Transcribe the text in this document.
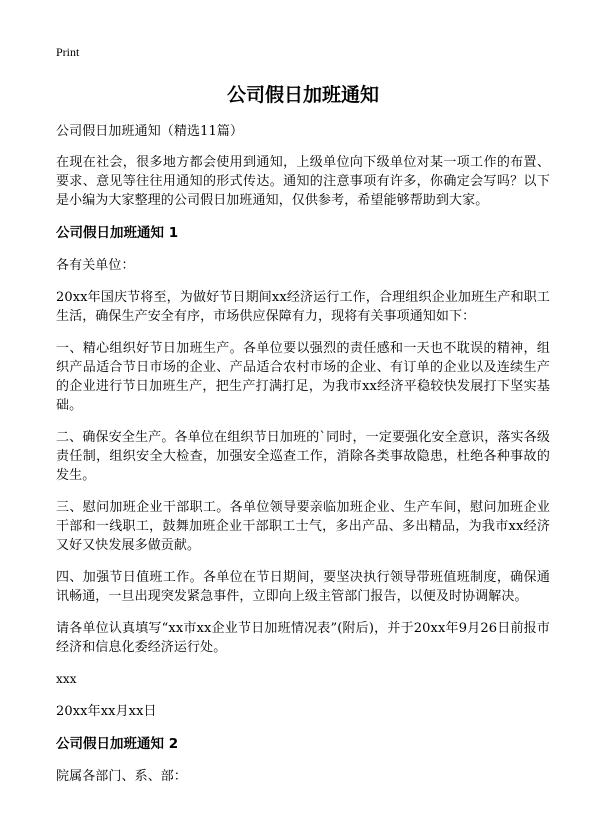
Print
公司假日加班通知

公司假日加班通知（精选11篇）

在现在社会，很多地方都会使用到通知，上级单位向下级单位对某一项工作的布置、要求、意见等往往用通知的形式传达。通知的注意事项有许多，你确定会写吗？以下是小编为大家整理的公司假日加班通知，仅供参考，希望能够帮助到大家。

公司假日加班通知 1

各有关单位：

20xx年国庆节将至，为做好节日期间xx经济运行工作，合理组织企业加班生产和职工生活，确保生产安全有序，市场供应保障有力，现将有关事项通知如下：

一、精心组织好节日加班生产。各单位要以强烈的责任感和一天也不耽误的精神，组织产品适合节日市场的企业、产品适合农村市场的企业、有订单的企业以及连续生产的企业进行节日加班生产，把生产打满打足，为我市xx经济平稳较快发展打下坚实基础。

二、确保安全生产。各单位在组织节日加班的`同时，一定要强化安全意识，落实各级责任制，组织安全大检查，加强安全巡查工作，消除各类事故隐患，杜绝各种事故的发生。

三、慰问加班企业干部职工。各单位领导要亲临加班企业、生产车间，慰问加班企业干部和一线职工，鼓舞加班企业干部职工士气，多出产品、多出精品，为我市xx经济又好又快发展多做贡献。

四、加强节日值班工作。各单位在节日期间，要坚决执行领导带班值班制度，确保通讯畅通，一旦出现突发紧急事件，立即向上级主管部门报告，以便及时协调解决。

请各单位认真填写“xx市xx企业节日加班情况表”(附后)，并于20xx年9月26日前报市经济和信息化委经济运行处。

xxx

20xx年xx月xx日

公司假日加班通知 2

院属各部门、系、部：
